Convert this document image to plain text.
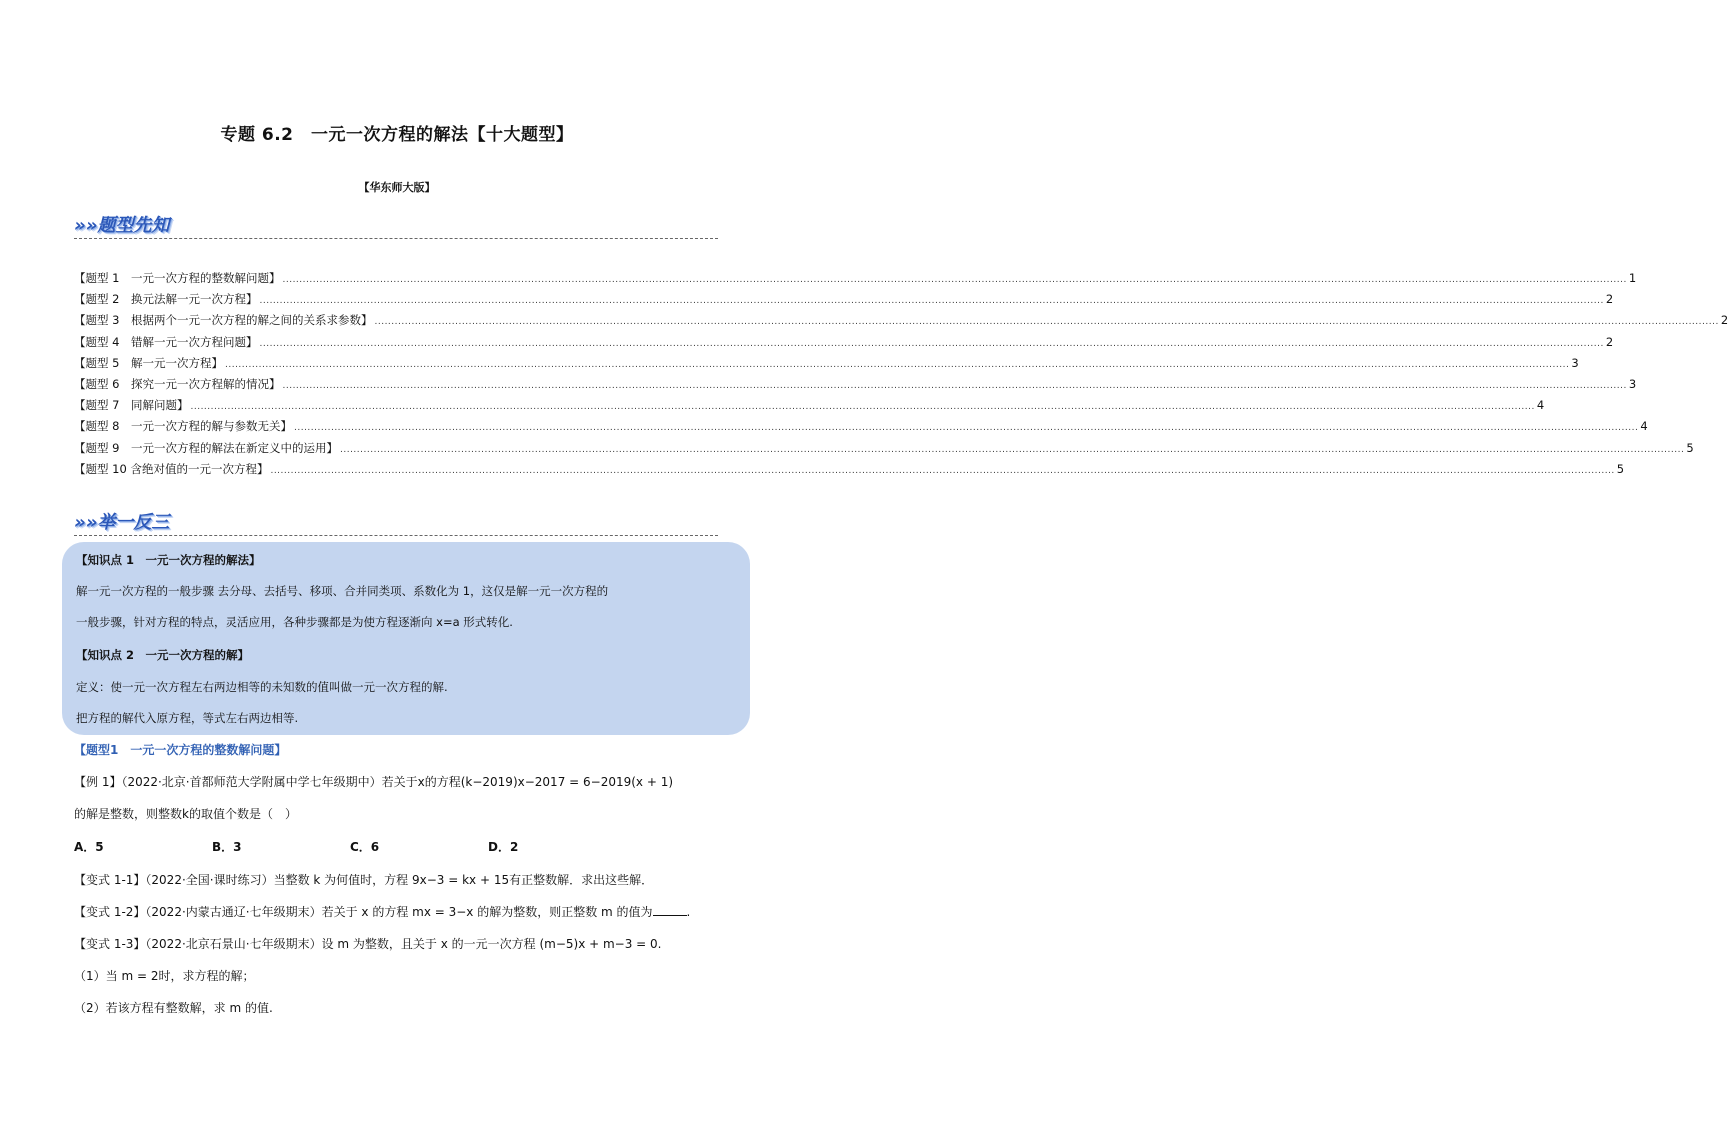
专题 6.2　一元一次方程的解法【十大题型】
【华东师大版】
»»题型先知
【题型 1　一元一次方程的整数解问题】 ................................................................................................................................................................................................................................................................................................................................................................................................................ 1
【题型 2　换元法解一元一次方程】 ................................................................................................................................................................................................................................................................................................................................................................................................................ 2
【题型 3　根据两个一元一次方程的解之间的关系求参数】 ................................................................................................................................................................................................................................................................................................................................................................................................................ 2
【题型 4　错解一元一次方程问题】 ................................................................................................................................................................................................................................................................................................................................................................................................................ 2
【题型 5　解一元一次方程】 ................................................................................................................................................................................................................................................................................................................................................................................................................ 3
【题型 6　探究一元一次方程解的情况】 ................................................................................................................................................................................................................................................................................................................................................................................................................ 3
【题型 7　同解问题】 ................................................................................................................................................................................................................................................................................................................................................................................................................ 4
【题型 8　一元一次方程的解与参数无关】 ................................................................................................................................................................................................................................................................................................................................................................................................................ 4
【题型 9　一元一次方程的解法在新定义中的运用】 ................................................................................................................................................................................................................................................................................................................................................................................................................ 5
【题型 10 含绝对值的一元一次方程】 ................................................................................................................................................................................................................................................................................................................................................................................................................ 5
»»举一反三
【知识点 1　一元一次方程的解法】
解一元一次方程的一般步骤 去分母、去括号、移项、合并同类项、系数化为 1，这仅是解一元一次方程的
一般步骤，针对方程的特点，灵活应用，各种步骤都是为使方程逐渐向 x=a 形式转化.
【知识点 2　一元一次方程的解】
定义：使一元一次方程左右两边相等的未知数的值叫做一元一次方程的解.
把方程的解代入原方程，等式左右两边相等.
【题型1　一元一次方程的整数解问题】
【例 1】（2022·北京·首都师范大学附属中学七年级期中）若关于x的方程(k−2019)x−2017 = 6−2019(x + 1)
的解是整数，则整数k的取值个数是（　）
A．5	B．3	C．6	D．2
【变式 1-1】（2022·全国·课时练习）当整数 k 为何值时，方程 9x−3 = kx + 15有正整数解．求出这些解．
【变式 1-2】（2022·内蒙古通辽·七年级期末）若关于 x 的方程 mx = 3−x 的解为整数，则正整数 m 的值为	.
【变式 1-3】（2022·北京石景山·七年级期末）设 m 为整数，且关于 x 的一元一次方程 (m−5)x + m−3 = 0.
（1）当 m = 2时，求方程的解；
（2）若该方程有整数解，求 m 的值.
